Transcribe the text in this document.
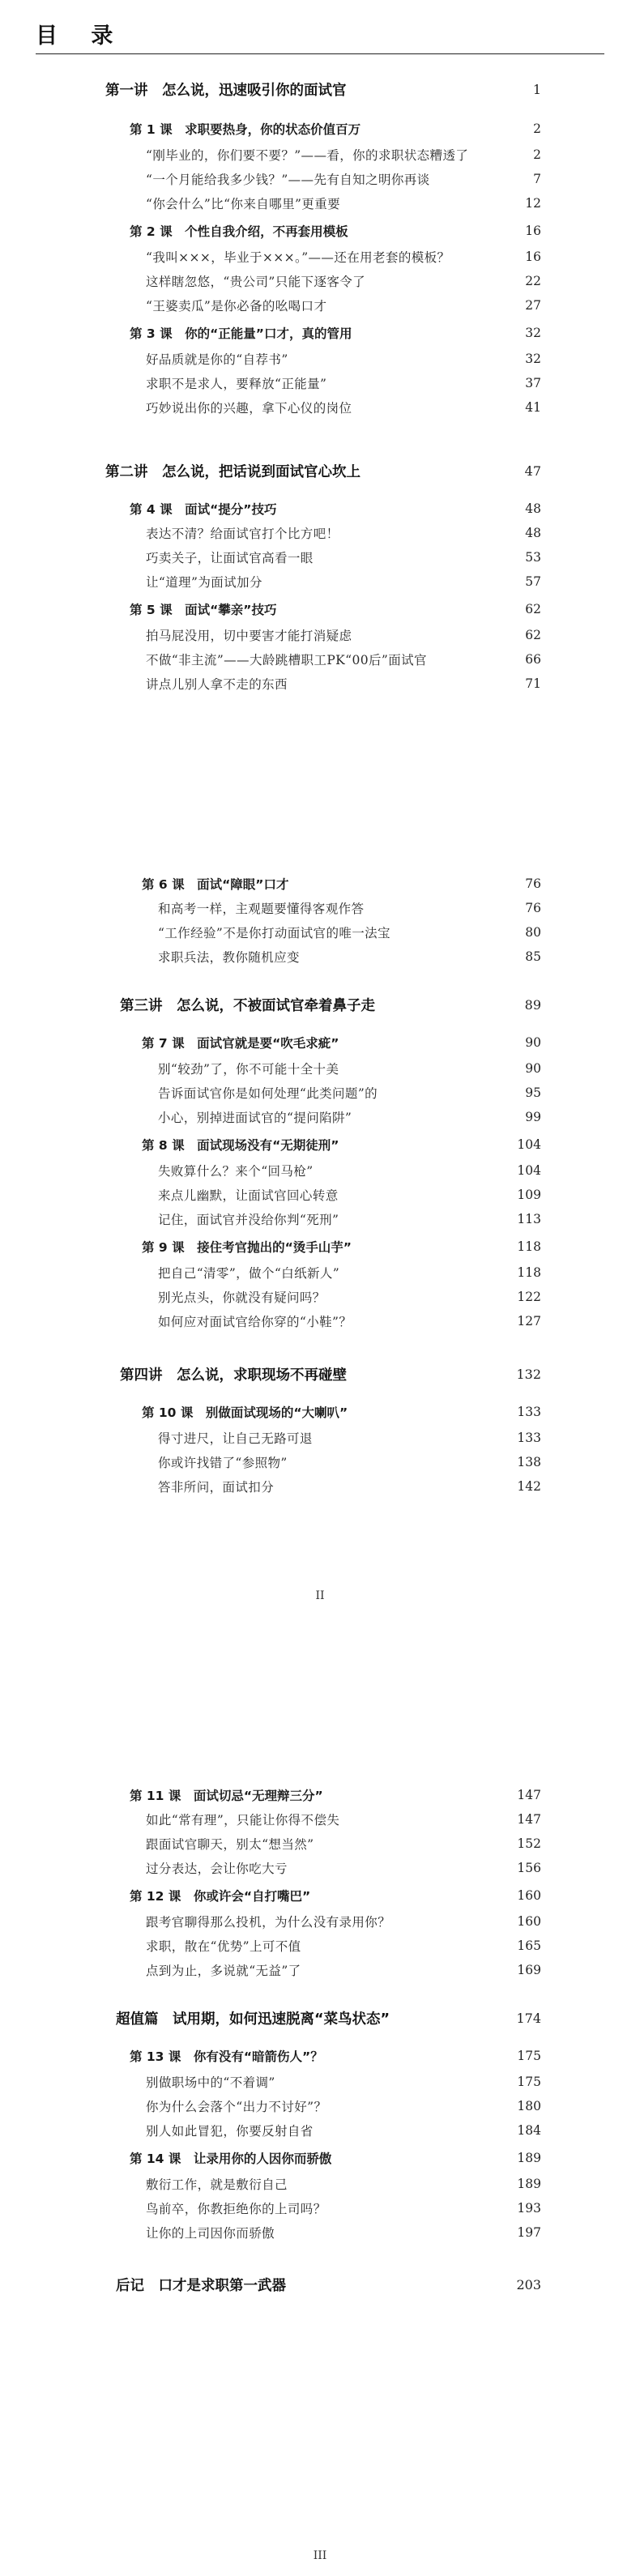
目 录
第一讲　怎么说，迅速吸引你的面试官	1
第 1 课　求职要热身，你的状态价值百万	2
“刚毕业的，你们要不要？”——看，你的求职状态糟透了	2
“一个月能给我多少钱？”——先有自知之明你再谈	7
“你会什么”比“你来自哪里”更重要	12
第 2 课　个性自我介绍，不再套用模板	16
“我叫×××，毕业于×××。”——还在用老套的模板？	16
这样瞎忽悠，“贵公司”只能下逐客令了	22
“王婆卖瓜”是你必备的吆喝口才	27
第 3 课　你的“正能量”口才，真的管用	32
好品质就是你的“自荐书”	32
求职不是求人，要释放“正能量”	37
巧妙说出你的兴趣，拿下心仪的岗位	41
第二讲　怎么说，把话说到面试官心坎上	47
第 4 课　面试“提分”技巧	48
表达不清？给面试官打个比方吧！	48
巧卖关子，让面试官高看一眼	53
让“道理”为面试加分	57
第 5 课　面试“攀亲”技巧	62
拍马屁没用，切中要害才能打消疑虑	62
不做“非主流”——大龄跳槽职工PK“00后”面试官	66
讲点儿别人拿不走的东西	71
第 6 课　面试“障眼”口才	76
和高考一样，主观题要懂得客观作答	76
“工作经验”不是你打动面试官的唯一法宝	80
求职兵法，教你随机应变	85
第三讲　怎么说，不被面试官牵着鼻子走	89
第 7 课　面试官就是要“吹毛求疵”	90
别“较劲”了，你不可能十全十美	90
告诉面试官你是如何处理“此类问题”的	95
小心，别掉进面试官的“提问陷阱”	99
第 8 课　面试现场没有“无期徒刑”	104
失败算什么？来个“回马枪”	104
来点儿幽默，让面试官回心转意	109
记住，面试官并没给你判“死刑”	113
第 9 课　接住考官抛出的“烫手山芋”	118
把自己“清零”，做个“白纸新人”	118
别光点头，你就没有疑问吗？	122
如何应对面试官给你穿的“小鞋”？	127
第四讲　怎么说，求职现场不再碰壁	132
第 10 课　别做面试现场的“大喇叭”	133
得寸进尺，让自己无路可退	133
你或许找错了“参照物”	138
答非所问，面试扣分	142
第 11 课　面试切忌“无理辩三分”	147
如此“常有理”，只能让你得不偿失	147
跟面试官聊天，别太“想当然”	152
过分表达，会让你吃大亏	156
第 12 课　你或许会“自打嘴巴”	160
跟考官聊得那么投机，为什么没有录用你？	160
求职，散在“优势”上可不值	165
点到为止，多说就“无益”了	169
超值篇　试用期，如何迅速脱离“菜鸟状态”	174
第 13 课　你有没有“暗箭伤人”？	175
别做职场中的“不着调”	175
你为什么会落个“出力不讨好”？	180
别人如此冒犯，你要反射自省	184
第 14 课　让录用你的人因你而骄傲	189
敷衍工作，就是敷衍自己	189
鸟前卒，你教拒绝你的上司吗？	193
让你的上司因你而骄傲	197
后记　口才是求职第一武器	203
II
III
